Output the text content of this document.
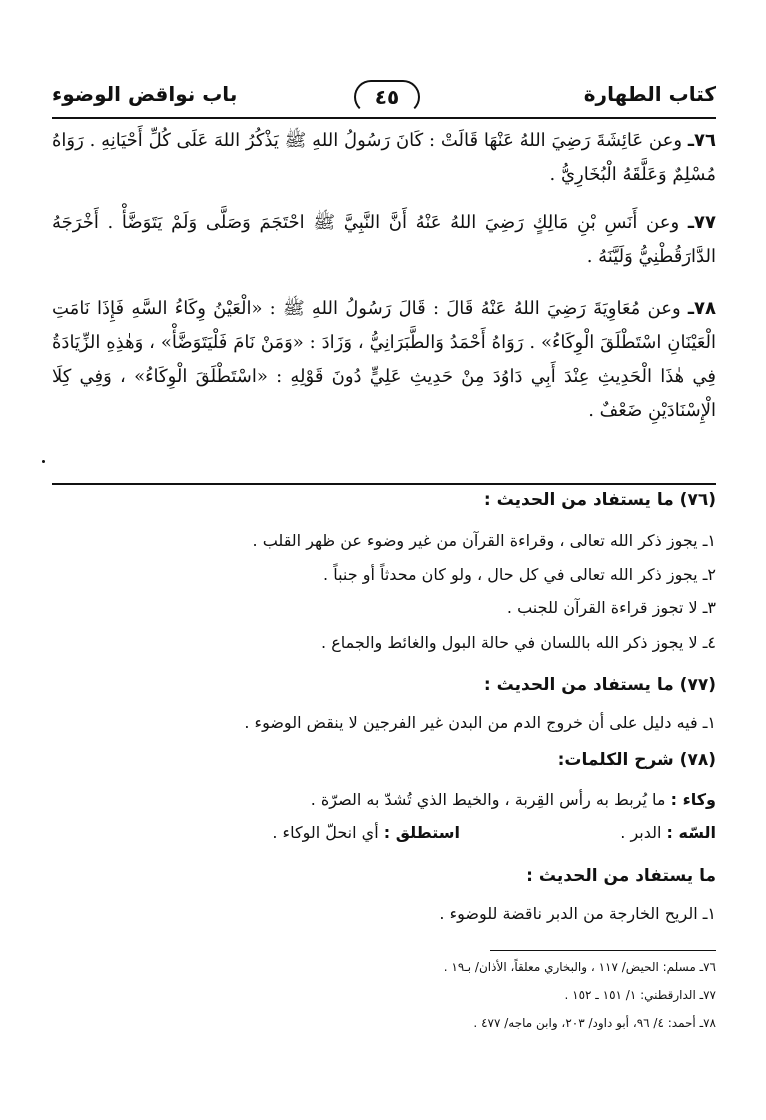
كتاب الطهارة
٤٥
باب نواقض الوضوء

٧٦ـ وعن عَائِشَةَ رَضِيَ اللهُ عَنْهَا قَالَتْ : كَانَ رَسُولُ اللهِ ﷺ يَذْكُرُ اللهَ عَلَى كُلِّ أَحْيَانِهِ . رَوَاهُ مُسْلِمٌ وَعَلَّقَهُ الْبُخَارِيُّ .

٧٧ـ وعن أَنَسِ بْنِ مَالِكٍ رَضِيَ اللهُ عَنْهُ أَنَّ النَّبِيَّ ﷺ احْتَجَمَ وَصَلَّى وَلَمْ يَتَوَضَّأْ . أَخْرَجَهُ الدَّارَقُطْنِيُّ وَلَيَّنَهُ .

٧٨ـ وعن مُعَاوِيَةَ رَضِيَ اللهُ عَنْهُ قَالَ : قَالَ رَسُولُ اللهِ ﷺ : «الْعَيْنُ وِكَاءُ السَّهِ فَإِذَا نَامَتِ الْعَيْنَانِ اسْتَطْلَقَ الْوِكَاءُ» . رَوَاهُ أَحْمَدُ وَالطَّبَرَانِيُّ ، وَزَادَ : «وَمَنْ نَامَ فَلْيَتَوَضَّأْ» ، وَهٰذِهِ الزِّيَادَةُ فِي هٰذَا الْحَدِيثِ عِنْدَ أَبِي دَاوُدَ مِنْ حَدِيثِ عَلِيٍّ دُونَ قَوْلِهِ : «اسْتَطْلَقَ الْوِكَاءُ» ، وَفِي كِلَا الْإِسْنَادَيْنِ ضَعْفٌ .

(٧٦) ما يستفاد من الحديث :
١ـ يجوز ذكر الله تعالى ، وقراءة القرآن من غير وضوء عن ظهر القلب .
٢ـ يجوز ذكر الله تعالى في كل حال ، ولو كان محدثاً أو جنباً .
٣ـ لا تجوز قراءة القرآن للجنب .
٤ـ لا يجوز ذكر الله باللسان في حالة البول والغائط والجماع .
(٧٧) ما يستفاد من الحديث :
١ـ فيه دليل على أن خروج الدم من البدن غير الفرجين لا ينقض الوضوء .
(٧٨) شرح الكلمات:
وكاء : ما يُربط به رأس القِربة ، والخيط الذي تُشدّ به الصرّة .
السّه : الدبر .
استطلق : أي انحلّ الوكاء .
ما يستفاد من الحديث :
١ـ الريح الخارجة من الدبر ناقضة للوضوء .
٧٦ـ مسلم: الحيض/ ١١٧ ، والبخاري معلقاً، الأذان/ بـ١٩ .
٧٧ـ الدارقطني: ١/ ١٥١ ـ ١٥٢ .
٧٨ـ أحمد: ٤/ ٩٦، أبو داود/ ٢٠٣، وابن ماجه/ ٤٧٧ .
